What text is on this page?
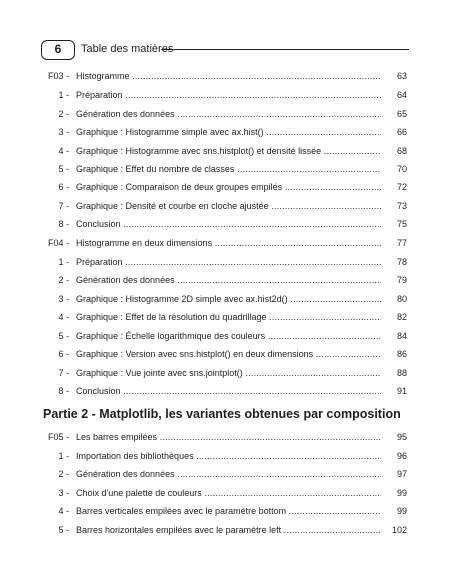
6	Table des matières
F03 - Histogramme .....	63
1 - Préparation .....	64
2 - Génération des données .....	65
3 - Graphique : Histogramme simple avec ax.hist() .....	66
4 - Graphique : Histogramme avec sns.histplot() et densité lissée .....	68
5 - Graphique : Effet du nombre de classes .....	70
6 - Graphique : Comparaison de deux groupes empilés .....	72
7 - Graphique : Densité et courbe en cloche ajustée .....	73
8 - Conclusion .....	75
F04 - Histogramme en deux dimensions .....	77
1 - Préparation .....	78
2 - Génération des données .....	79
3 - Graphique : Histogramme 2D simple avec ax.hist2d() .....	80
4 - Graphique : Effet de la résolution du quadrillage .....	82
5 - Graphique : Échelle logarithmique des couleurs .....	84
6 - Graphique : Version avec sns.histplot() en deux dimensions .....	86
7 - Graphique : Vue jointe avec sns.jointplot() .....	88
8 - Conclusion .....	91
Partie 2 - Matplotlib, les variantes obtenues par composition
F05 - Les barres empilées .....	95
1 - Importation des bibliothèques .....	96
2 - Génération des données .....	97
3 - Choix d'une palette de couleurs .....	99
4 - Barres verticales empilées avec le paramètre bottom .....	99
5 - Barres horizontales empilées avec le paramètre left .....	102
